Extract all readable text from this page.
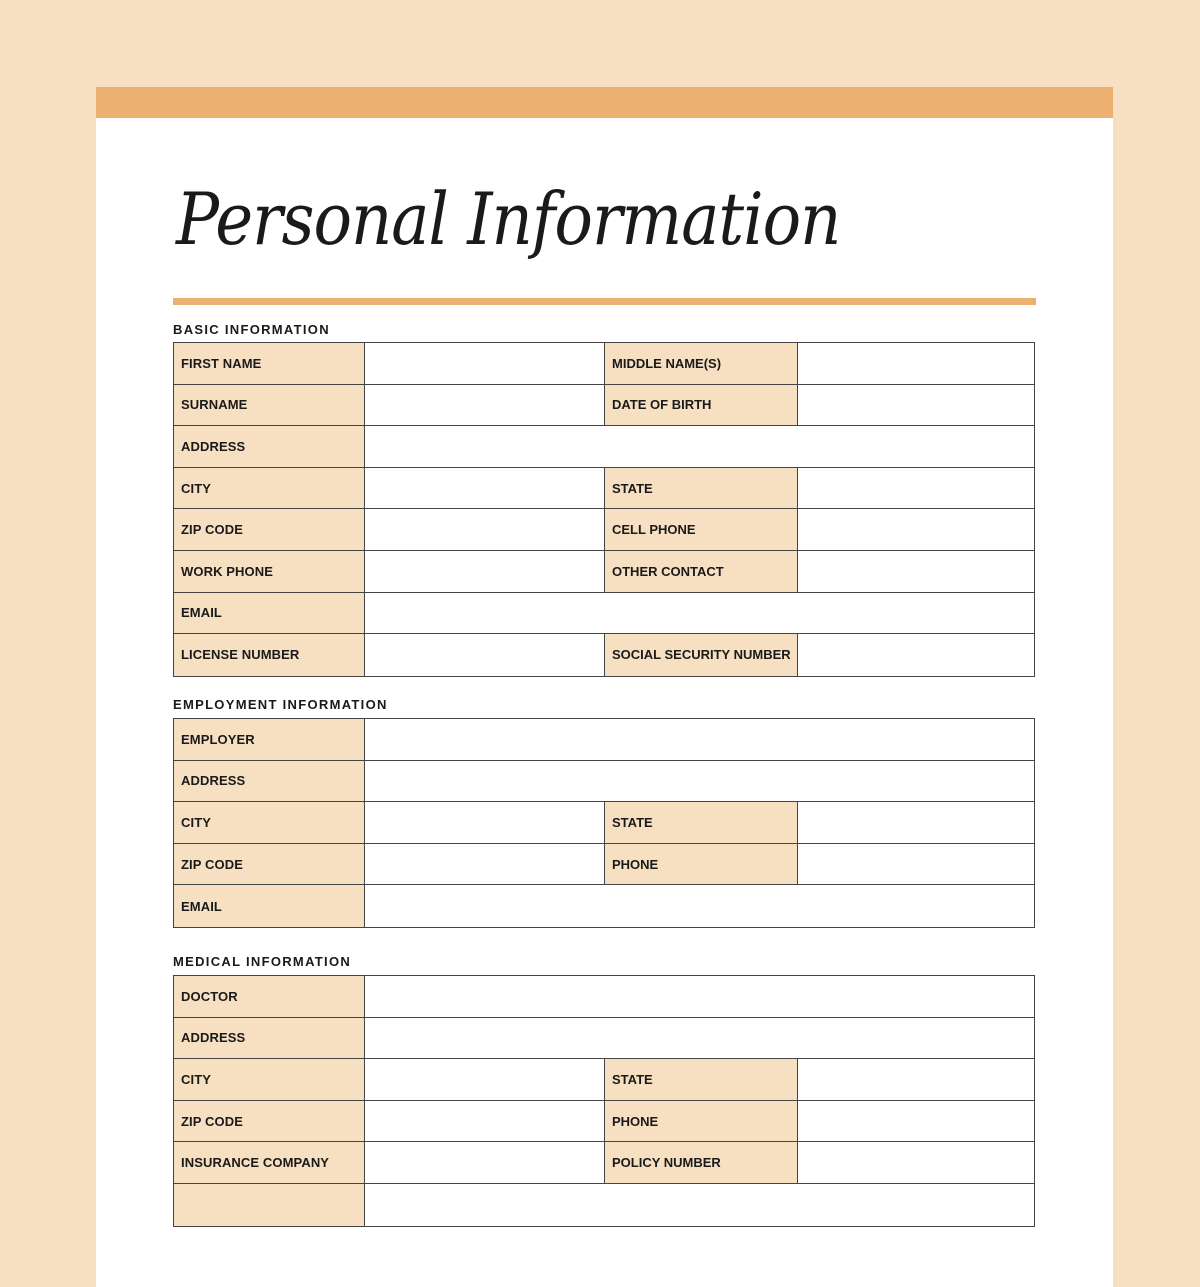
Personal Information
BASIC INFORMATION
FIRST NAME	MIDDLE NAME(S)
SURNAME	DATE OF BIRTH
ADDRESS
CITY	STATE
ZIP CODE	CELL PHONE
WORK PHONE	OTHER CONTACT
EMAIL
LICENSE NUMBER	SOCIAL SECURITY NUMBER
EMPLOYMENT INFORMATION
EMPLOYER
ADDRESS
CITY	STATE
ZIP CODE	PHONE
EMAIL
MEDICAL INFORMATION
DOCTOR
ADDRESS
CITY	STATE
ZIP CODE	PHONE
INSURANCE COMPANY	POLICY NUMBER
